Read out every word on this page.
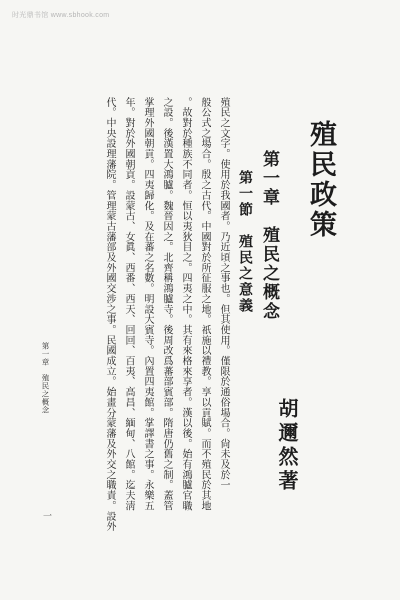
时光鼎书馆 www.sbhook.com
殖民政策
第一章　殖民之概念
第一節　殖民之意義
胡邇然著
殖民之文字。使用於我國者。乃近頃之事也。但其使用。僅限於通俗場合。尙未及於一
般公式之場合。殷之古代。中國對於所征服之地。祇施以禮教。享以貢賦。而不殖民於其地
。故對於種族不同者。恒以夷狄目之。四夷之中。其有來格來享者。漢以後。始有鴻臚官職
之設。後漢置大鴻臚。魏晉因之。北齊稱鴻臚寺。後周改爲蕃部賓部。隋唐仍舊之制。蓋管
掌理外國朝貢。四夷歸化。及在蕃之名數。明設大賓寺。內置四夷館。掌譯書之事。永樂五
年。對於外國朝貢。設蒙古、女眞、西番、西天、回回、百夷、高昌、緬甸、八館。迄夫淸
代。中央設理藩院。管理蒙古藩部及外國交涉之事。民國成立。始畫分蒙藩及外交之職責。設外
第一章　殖民之概念
一
